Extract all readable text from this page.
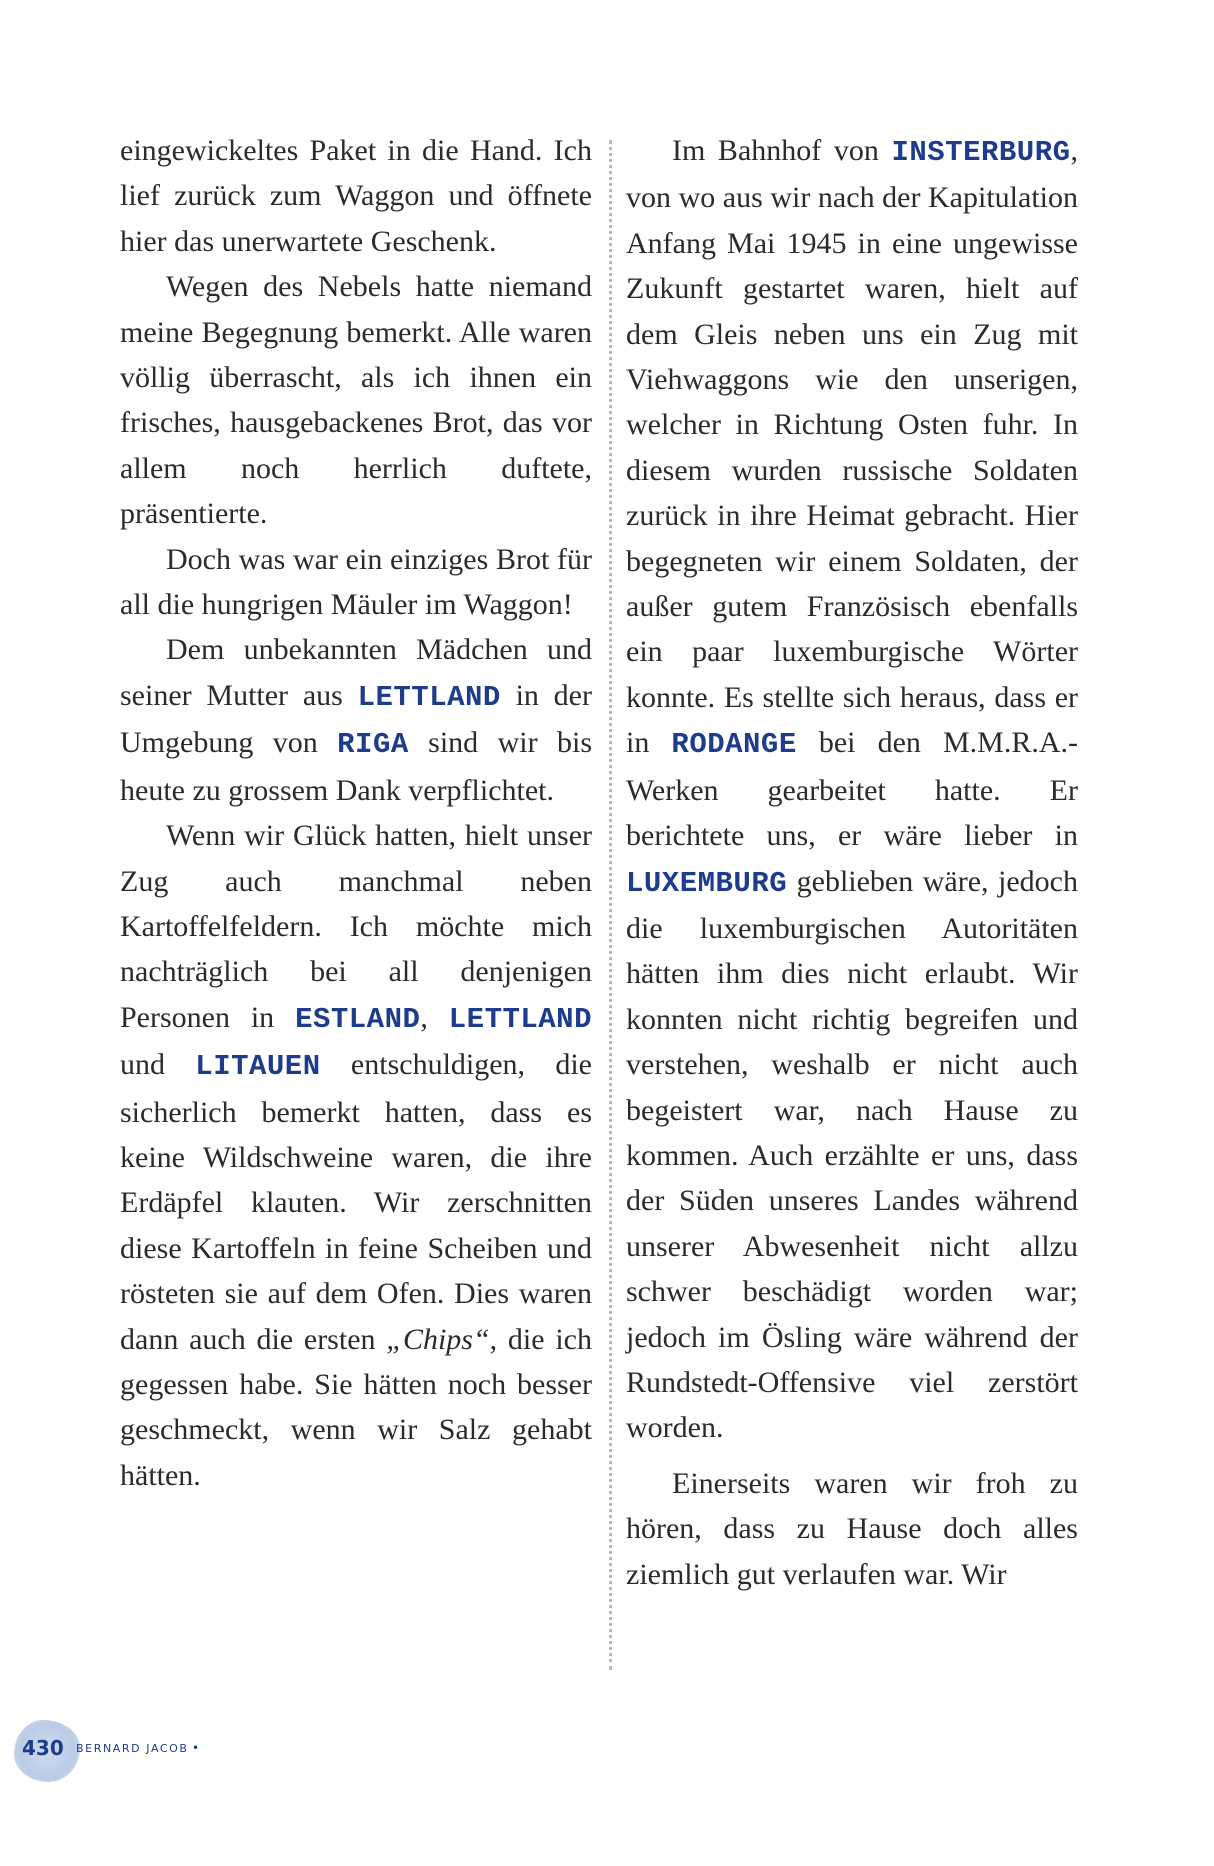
eingewickeltes Paket in die Hand. Ich lief zurück zum Waggon und öffnete hier das unerwartete Geschenk.

Wegen des Nebels hatte niemand meine Begegnung bemerkt. Alle waren völlig überrascht, als ich ihnen ein frisches, hausgebackenes Brot, das vor allem noch herrlich duftete, präsentierte.

Doch was war ein einziges Brot für all die hungrigen Mäuler im Waggon!

Dem unbekannten Mädchen und seiner Mutter aus LETTLAND in der Umgebung von RIGA sind wir bis heute zu grossem Dank verpflichtet.

Wenn wir Glück hatten, hielt unser Zug auch manchmal neben Kartoffelfeldern. Ich möchte mich nachträglich bei all denjenigen Personen in ESTLAND, LETTLAND und LITAUEN entschuldigen, die sicherlich bemerkt hatten, dass es keine Wildschweine waren, die ihre Erdäpfel klauten. Wir zerschnitten diese Kartoffeln in feine Scheiben und rösteten sie auf dem Ofen. Dies waren dann auch die ersten „Chips“, die ich gegessen habe. Sie hätten noch besser geschmeckt, wenn wir Salz gehabt hätten.

Im Bahnhof von INSTERBURG, von wo aus wir nach der Kapitulation Anfang Mai 1945 in eine ungewisse Zukunft gestartet waren, hielt auf dem Gleis neben uns ein Zug mit Viehwaggons wie den unserigen, welcher in Richtung Osten fuhr. In diesem wurden russische Soldaten zurück in ihre Heimat gebracht. Hier begegneten wir einem Soldaten, der außer gutem Französisch ebenfalls ein paar luxemburgische Wörter konnte. Es stellte sich heraus, dass er in RODANGE bei den M.M.R.A.-Werken gearbeitet hatte. Er berichtete uns, er wäre lieber in LUXEMBURG geblieben wäre, jedoch die luxemburgischen Autoritäten hätten ihm dies nicht erlaubt. Wir konnten nicht richtig begreifen und verstehen, weshalb er nicht auch begeistert war, nach Hause zu kommen. Auch erzählte er uns, dass der Süden unseres Landes während unserer Abwesenheit nicht allzu schwer beschädigt worden war; jedoch im Ösling wäre während der Rundstedt-Offensive viel zerstört worden.

Einerseits waren wir froh zu hören, dass zu Hause doch alles ziemlich gut verlaufen war. Wir

430 BERNARD JACOB •
